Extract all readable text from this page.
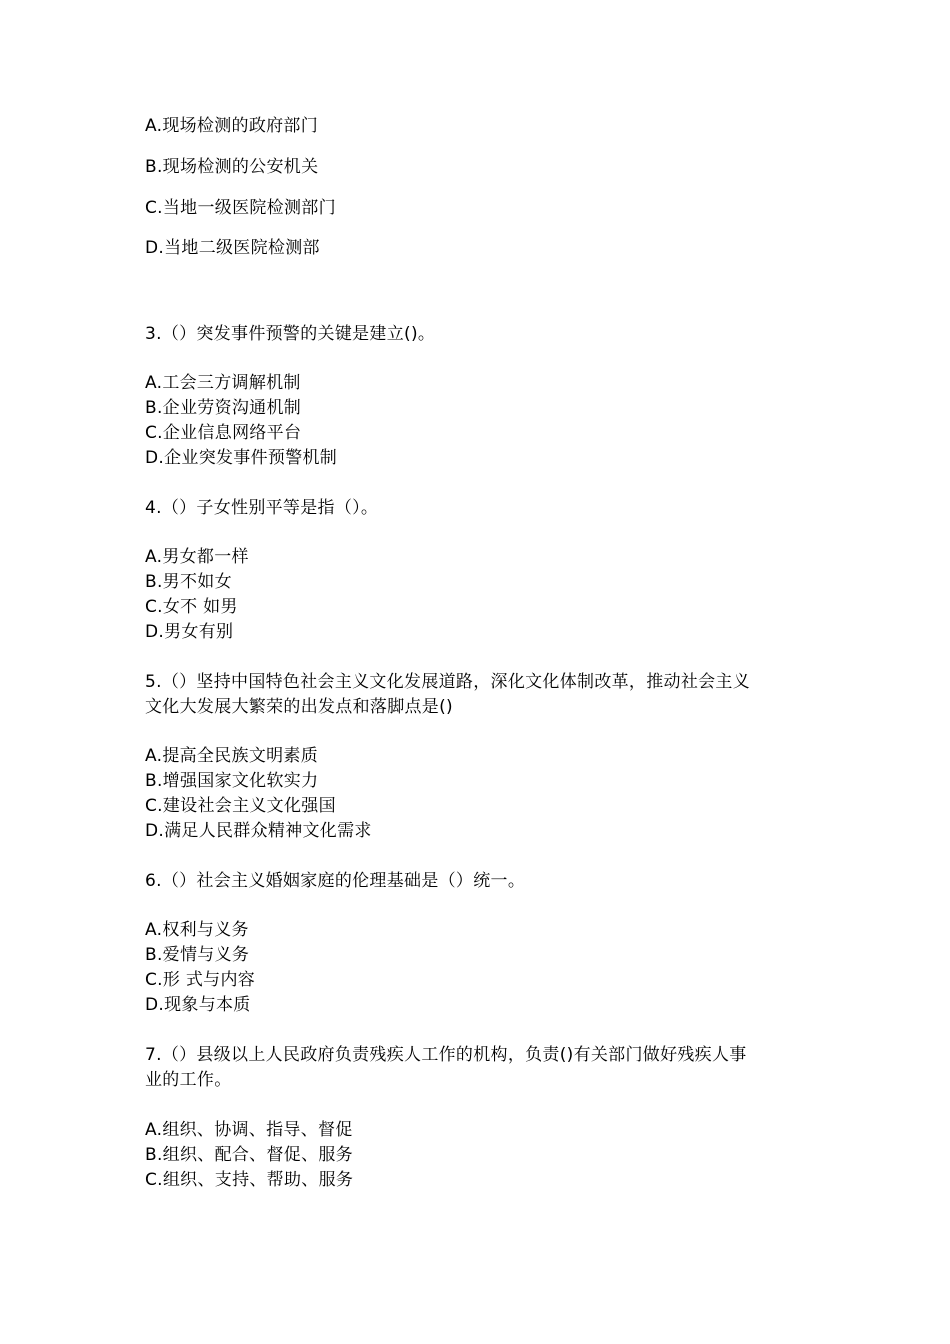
A.现场检测的政府部门
B.现场检测的公安机关
C.当地一级医院检测部门
D.当地二级医院检测部
3.（）突发事件预警的关键是建立()。
A.工会三方调解机制
B.企业劳资沟通机制
C.企业信息网络平台
D.企业突发事件预警机制
4.（）子女性别平等是指（）。
A.男女都一样
B.男不如女
C.女不 如男
D.男女有别
5.（）坚持中国特色社会主义文化发展道路，深化文化体制改革，推动社会主义
文化大发展大繁荣的出发点和落脚点是()
A.提高全民族文明素质
B.增强国家文化软实力
C.建设社会主义文化强国
D.满足人民群众精神文化需求
6.（）社会主义婚姻家庭的伦理基础是（）统一。
A.权利与义务
B.爱情与义务
C.形 式与内容
D.现象与本质
7.（）县级以上人民政府负责残疾人工作的机构，负责()有关部门做好残疾人事
业的工作。
A.组织、协调、指导、督促
B.组织、配合、督促、服务
C.组织、支持、帮助、服务
